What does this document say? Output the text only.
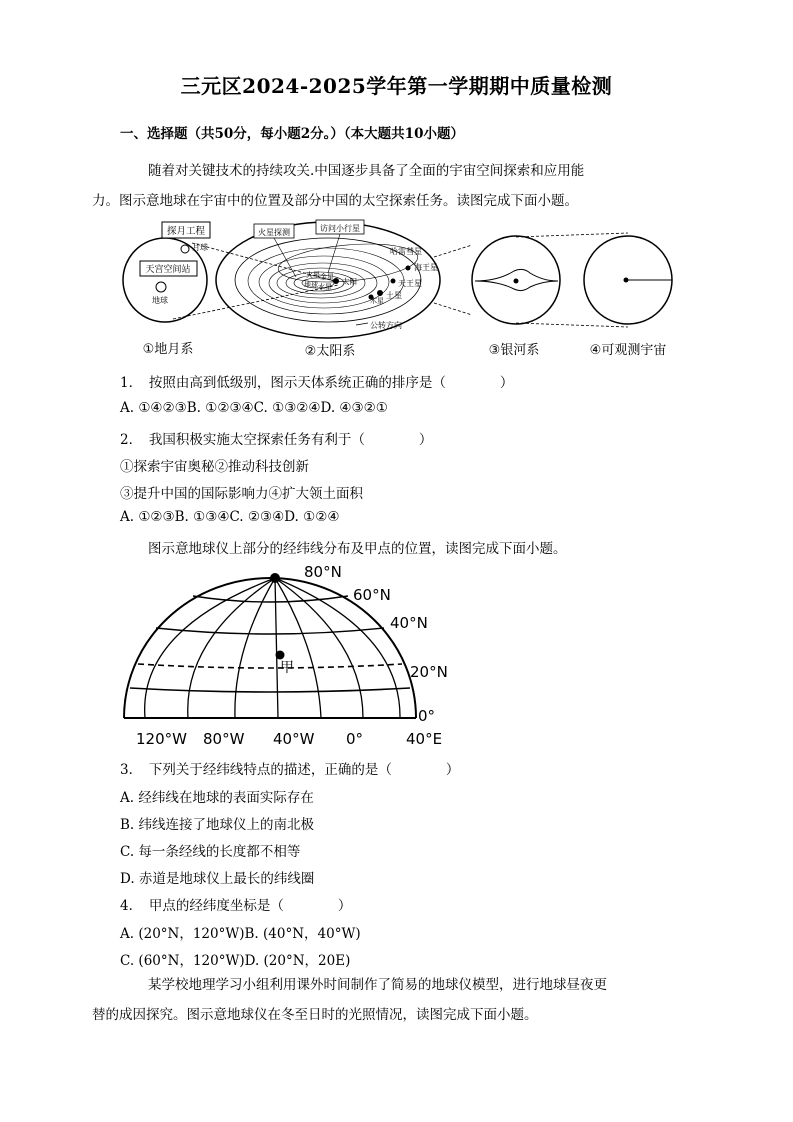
三元区2024-2025学年第一学期期中质量检测
一、选择题（共50分，每小题2分。）（本大题共10小题）
随着对关键技术的持续攻关.中国逐步具备了全面的宇宙空间探索和应用能
力。图示意地球在宇宙中的位置及部分中国的太空探索任务。读图完成下面小题。
探月工程
月球
天宫空间站
地球
太阳
火星
地球
金星
水星
火星探测	访问小行星
哈雷彗星
海王星
天王星
土星
木星
公转方向
①地月系	②太阳系	③银河系	④可观测宇宙
1．　按照由高到低级别，图示天体系统正确的排序是（　　　　）
A. ①④②③B. ①②③④C. ①③②④D. ④③②①
2．　我国积极实施太空探索任务有利于（　　　　）
①探索宇宙奥秘②推动科技创新
③提升中国的国际影响力④扩大领土面积
A. ①②③B. ①③④C. ②③④D. ①②④
图示意地球仪上部分的经纬线分布及甲点的位置，读图完成下面小题。
甲
80°N
60°N
40°N
20°N
0°
120°W 80°W 40°W 0°	40°E
3．　下列关于经纬线特点的描述，正确的是（　　　　）
A. 经纬线在地球的表面实际存在
B. 纬线连接了地球仪上的南北极
C. 每一条经线的长度都不相等
D. 赤道是地球仪上最长的纬线圈
4．　甲点的经纬度坐标是（　　　　）
A. (20°N，120°W)B. (40°N，40°W)
C. (60°N，120°W)D. (20°N，20E)
某学校地理学习小组利用课外时间制作了简易的地球仪模型，进行地球昼夜更
替的成因探究。图示意地球仪在冬至日时的光照情况，读图完成下面小题。
